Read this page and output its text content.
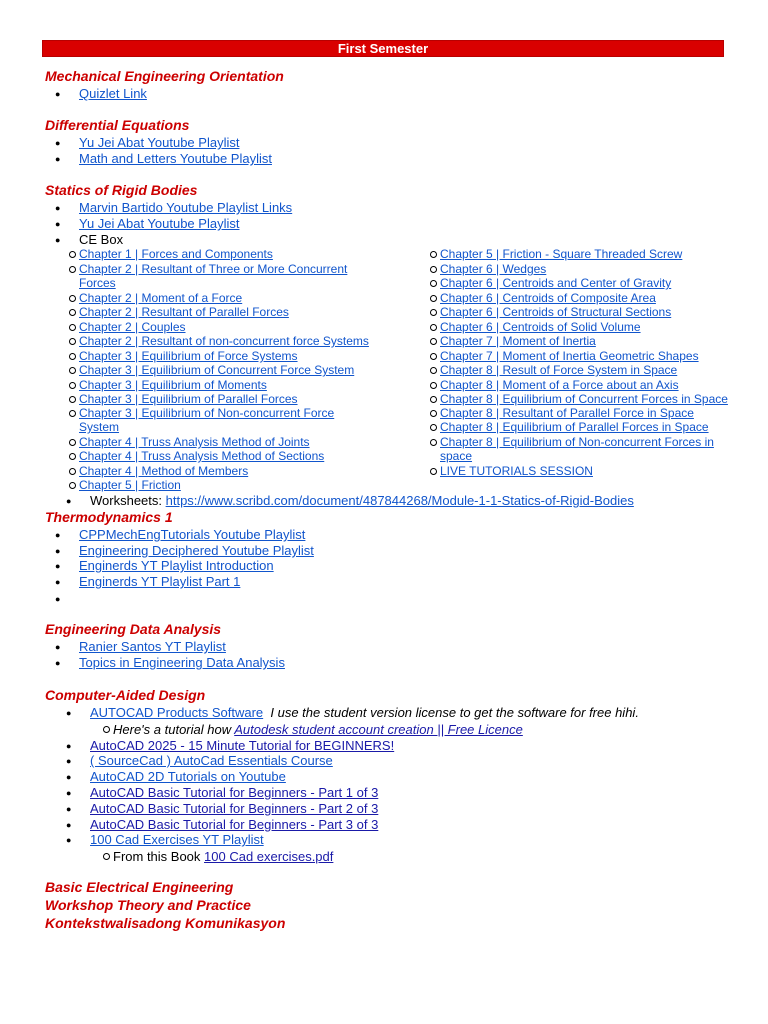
First Semester
Mechanical Engineering Orientation
● Quizlet Link
Differential Equations
● Yu Jei Abat Youtube Playlist
● Math and Letters Youtube Playlist
Statics of Rigid Bodies
● Marvin Bartido Youtube Playlist Links
● Yu Jei Abat Youtube Playlist
● CE Box
Chapter 1 | Forces and Components
Chapter 2 | Resultant of Three or More Concurrent
Forces
Chapter 2 | Moment of a Force
Chapter 2 | Resultant of Parallel Forces
Chapter 2 | Couples
Chapter 2 | Resultant of non-concurrent force Systems
Chapter 3 | Equilibrium of Force Systems
Chapter 3 | Equilibrium of Concurrent Force System
Chapter 3 | Equilibrium of Moments
Chapter 3 | Equilibrium of Parallel Forces
Chapter 3 | Equilibrium of Non-concurrent Force
System
Chapter 4 | Truss Analysis Method of Joints
Chapter 4 | Truss Analysis Method of Sections
Chapter 4 | Method of Members
Chapter 5 | Friction
Chapter 5 | Friction - Square Threaded Screw
Chapter 6 | Wedges
Chapter 6 | Centroids and Center of Gravity
Chapter 6 | Centroids of Composite Area
Chapter 6 | Centroids of Structural Sections
Chapter 6 | Centroids of Solid Volume
Chapter 7 | Moment of Inertia
Chapter 7 | Moment of Inertia Geometric Shapes
Chapter 8 | Result of Force System in Space
Chapter 8 | Moment of a Force about an Axis
Chapter 8 | Equilibrium of Concurrent Forces in Space
Chapter 8 | Resultant of Parallel Force in Space
Chapter 8 | Equilibrium of Parallel Forces in Space
Chapter 8 | Equilibrium of Non-concurrent Forces in
space
LIVE TUTORIALS SESSION
● Worksheets: https://www.scribd.com/document/487844268/Module-1-1-Statics-of-Rigid-Bodies
Thermodynamics 1
● CPPMechEngTutorials Youtube Playlist
● Engineering Deciphered Youtube Playlist
● Enginerds YT Playlist Introduction
● Enginerds YT Playlist Part 1
●
Engineering Data Analysis
● Ranier Santos YT Playlist
● Topics in Engineering Data Analysis
Computer-Aided Design
● AUTOCAD Products Software I use the student version license to get the software for free hihi.
Here's a tutorial how Autodesk student account creation || Free Licence
● AutoCAD 2025 - 15 Minute Tutorial for BEGINNERS!
● ( SourceCad ) AutoCad Essentials Course
● AutoCAD 2D Tutorials on Youtube
● AutoCAD Basic Tutorial for Beginners - Part 1 of 3
● AutoCAD Basic Tutorial for Beginners - Part 2 of 3
● AutoCAD Basic Tutorial for Beginners - Part 3 of 3
● 100 Cad Exercises YT Playlist
From this Book 100 Cad exercises.pdf
Basic Electrical Engineering
Workshop Theory and Practice
Kontekstwalisadong Komunikasyon
